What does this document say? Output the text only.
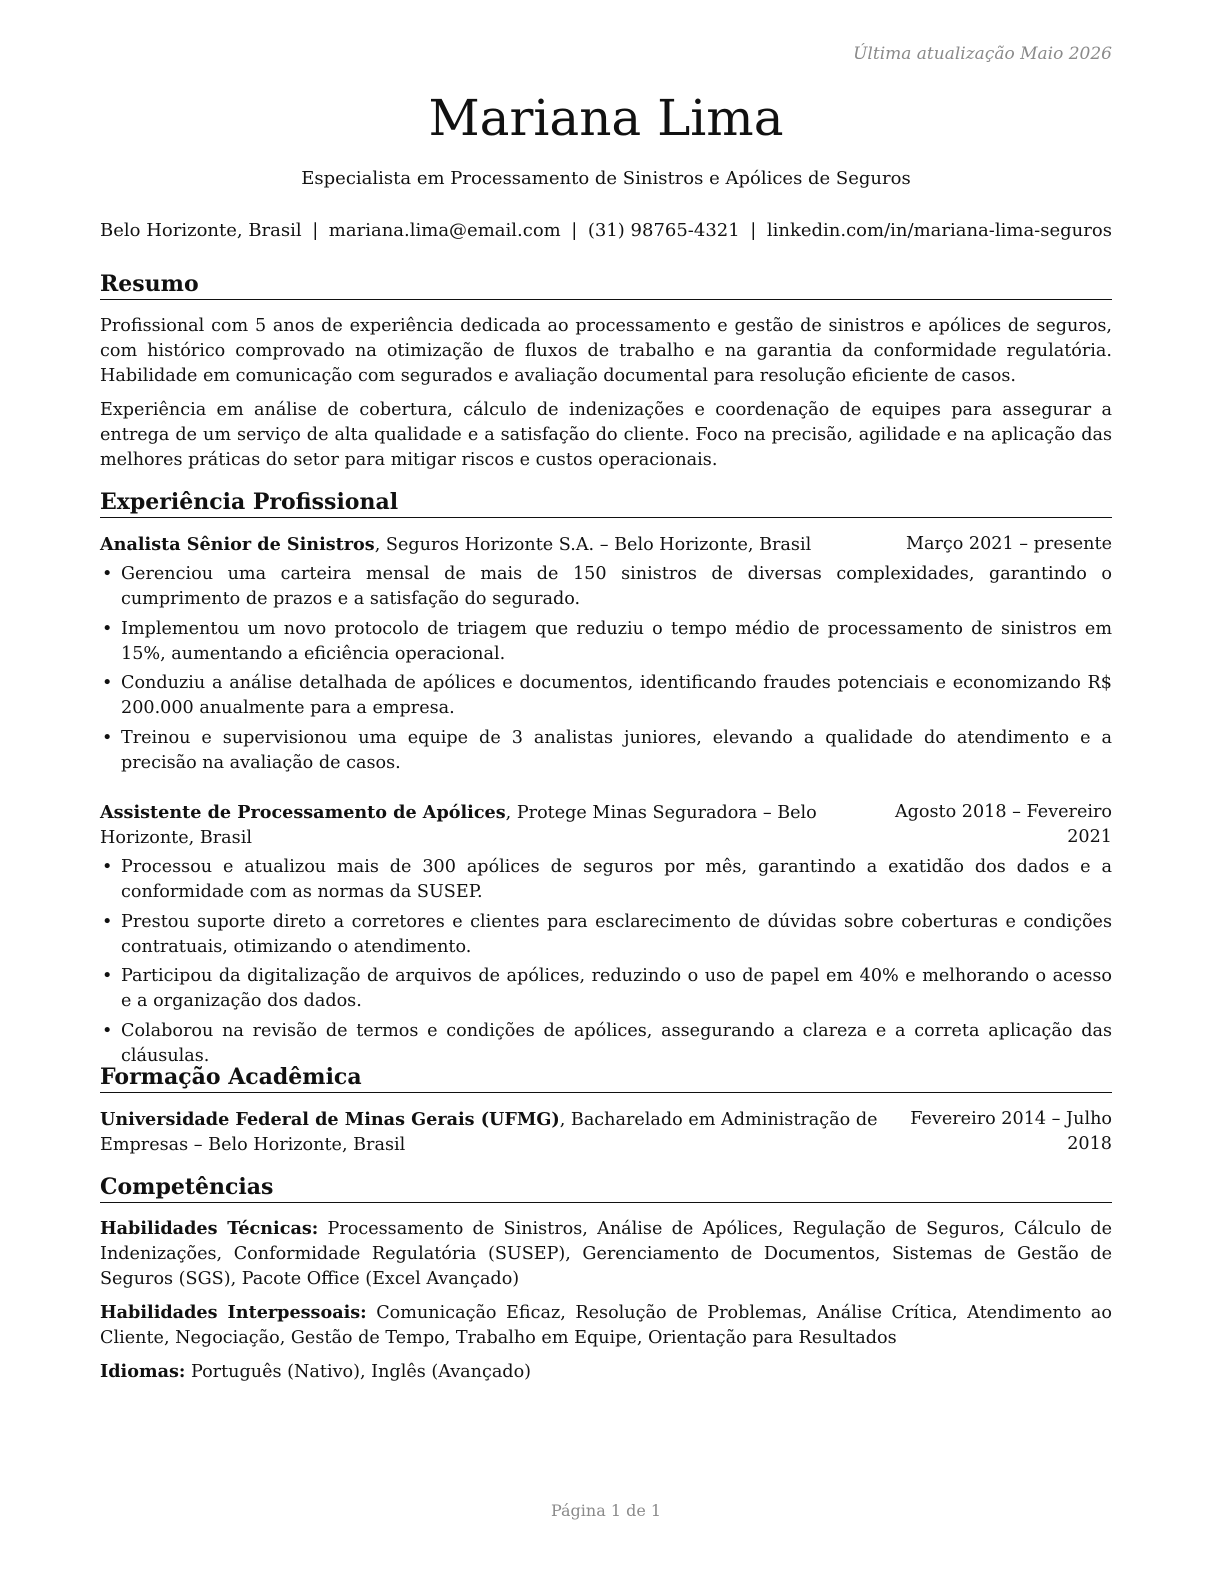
Última atualização Maio 2026
Mariana Lima
Especialista em Processamento de Sinistros e Apólices de Seguros
Belo Horizonte, Brasil | mariana.lima@email.com | (31) 98765-4321 | linkedin.com/in/mariana-lima-seguros
Resumo

Profissional com 5 anos de experiência dedicada ao processamento e gestão de sinistros e apólices de seguros, com histórico comprovado na otimização de fluxos de trabalho e na garantia da conformidade regulatória. Habilidade em comunicação com segurados e avaliação documental para resolução eficiente de casos.

Experiência em análise de cobertura, cálculo de indenizações e coordenação de equipes para assegurar a entrega de um serviço de alta qualidade e a satisfação do cliente. Foco na precisão, agilidade e na aplicação das melhores práticas do setor para mitigar riscos e custos operacionais.

Experiência Profissional
Analista Sênior de Sinistros, Seguros Horizonte S.A. – Belo Horizonte, Brasil	Março 2021 – presente
• Gerenciou uma carteira mensal de mais de 150 sinistros de diversas complexidades, garantindo o cumprimento de prazos e a satisfação do segurado.
• Implementou um novo protocolo de triagem que reduziu o tempo médio de processamento de sinistros em 15%, aumentando a eficiência operacional.
• Conduziu a análise detalhada de apólices e documentos, identificando fraudes potenciais e economizando R$ 200.000 anualmente para a empresa.
• Treinou e supervisionou uma equipe de 3 analistas juniores, elevando a qualidade do atendimento e a precisão na avaliação de casos.
Assistente de Processamento de Apólices, Protege Minas Seguradora – Belo Horizonte, Brasil
Agosto 2018 – Fevereiro 2021
• Processou e atualizou mais de 300 apólices de seguros por mês, garantindo a exatidão dos dados e a conformidade com as normas da SUSEP.
• Prestou suporte direto a corretores e clientes para esclarecimento de dúvidas sobre coberturas e condições contratuais, otimizando o atendimento.
• Participou da digitalização de arquivos de apólices, reduzindo o uso de papel em 40% e melhorando o acesso e a organização dos dados.
• Colaborou na revisão de termos e condições de apólices, assegurando a clareza e a correta aplicação das cláusulas.
Formação Acadêmica
Universidade Federal de Minas Gerais (UFMG), Bacharelado em Administração de Empresas – Belo Horizonte, Brasil
Fevereiro 2014 – Julho 2018
Competências

Habilidades Técnicas: Processamento de Sinistros, Análise de Apólices, Regulação de Seguros, Cálculo de Indenizações, Conformidade Regulatória (SUSEP), Gerenciamento de Documentos, Sistemas de Gestão de Seguros (SGS), Pacote Office (Excel Avançado)

Habilidades Interpessoais: Comunicação Eficaz, Resolução de Problemas, Análise Crítica, Atendimento ao Cliente, Negociação, Gestão de Tempo, Trabalho em Equipe, Orientação para Resultados

Idiomas: Português (Nativo), Inglês (Avançado)

Página 1 de 1
